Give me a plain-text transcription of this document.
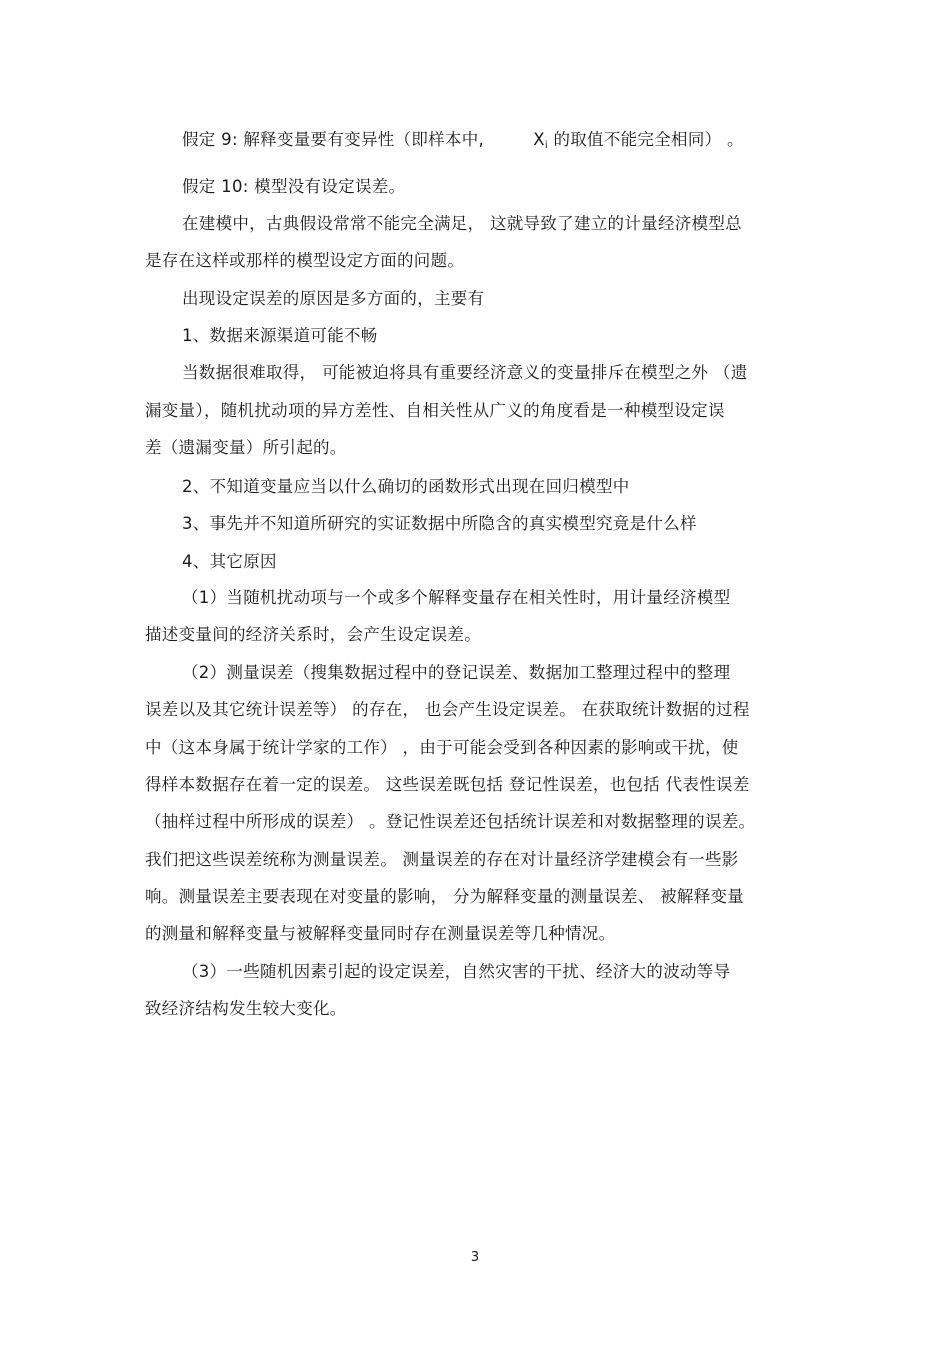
假定 9: 解释变量要有变异性（即样本中,	$X_i$ 的取值不能完全相同） 。
假定 10: 模型没有设定误差。
在建模中，古典假设常常不能完全满足， 这就导致了建立的计量经济模型总
是存在这样或那样的模型设定方面的问题。
出现设定误差的原因是多方面的，主要有
1、数据来源渠道可能不畅
当数据很难取得， 可能被迫将具有重要经济意义的变量排斥在模型之外 （遗
漏变量），随机扰动项的异方差性、自相关性从广义的角度看是一种模型设定误
差（遗漏变量）所引起的。
2、不知道变量应当以什么确切的函数形式出现在回归模型中
3、事先并不知道所研究的实证数据中所隐含的真实模型究竟是什么样
4、其它原因
（1）当随机扰动项与一个或多个解释变量存在相关性时，用计量经济模型
描述变量间的经济关系时，会产生设定误差。
（2）测量误差（搜集数据过程中的登记误差、数据加工整理过程中的整理
误差以及其它统计误差等） 的存在， 也会产生设定误差。 在获取统计数据的过程
中（这本身属于统计学家的工作） ，由于可能会受到各种因素的影响或干扰，使
得样本数据存在着一定的误差。 这些误差既包括 登记性误差，也包括 代表性误差
（抽样过程中所形成的误差） 。登记性误差还包括统计误差和对数据整理的误差。
我们把这些误差统称为测量误差。 测量误差的存在对计量经济学建模会有一些影
响。测量误差主要表现在对变量的影响， 分为解释变量的测量误差、 被解释变量
的测量和解释变量与被解释变量同时存在测量误差等几种情况。
（3）一些随机因素引起的设定误差，自然灾害的干扰、经济大的波动等导
致经济结构发生较大变化。
3
